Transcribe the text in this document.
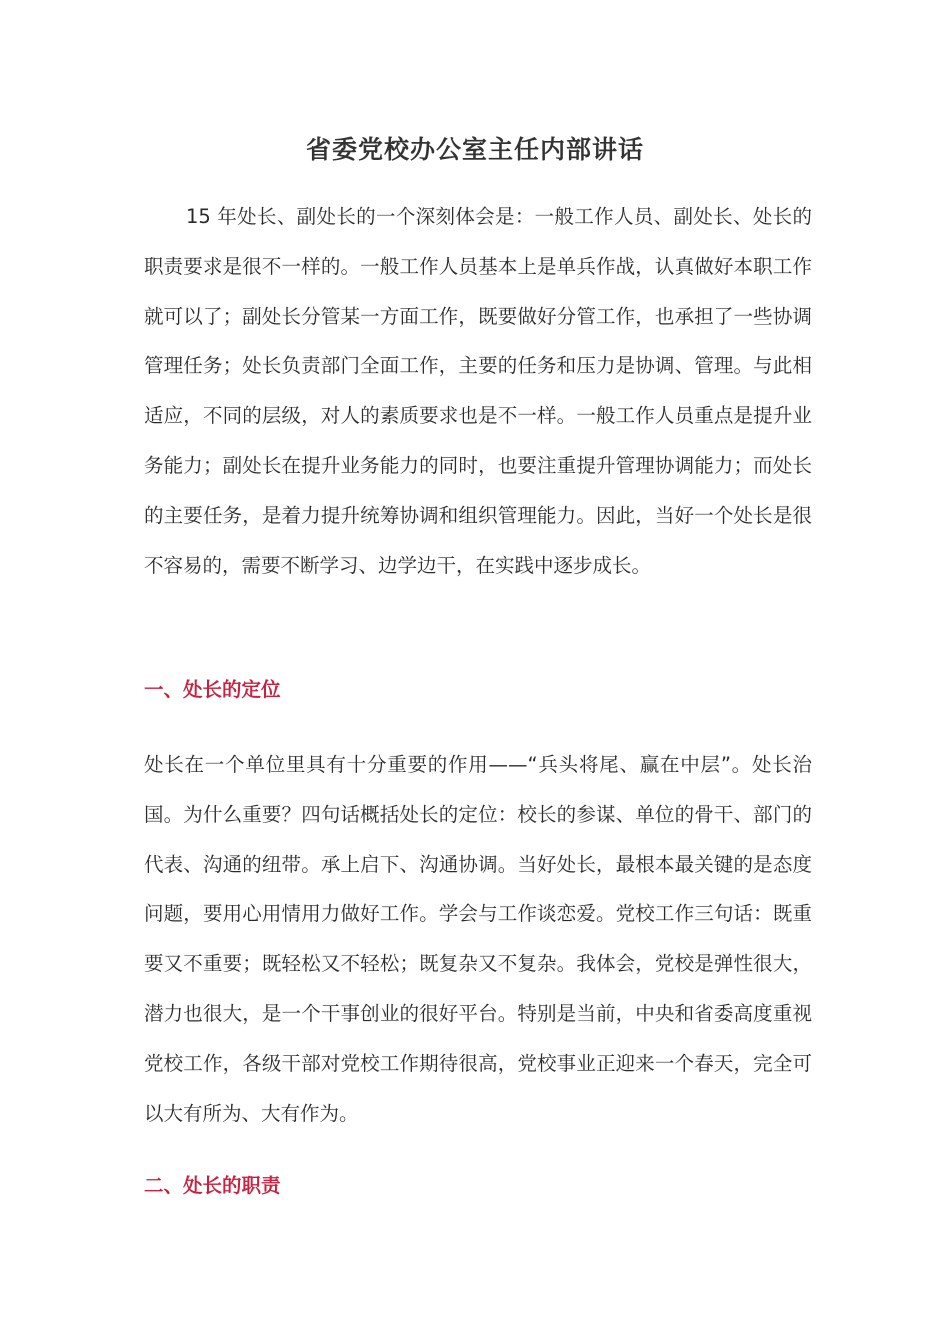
省委党校办公室主任内部讲话

15 年处长、副处长的一个深刻体会是：一般工作人员、副处长、处长的职责要求是很不一样的。一般工作人员基本上是单兵作战，认真做好本职工作就可以了；副处长分管某一方面工作，既要做好分管工作，也承担了一些协调管理任务；处长负责部门全面工作，主要的任务和压力是协调、管理。与此相适应，不同的层级，对人的素质要求也是不一样。一般工作人员重点是提升业务能力；副处长在提升业务能力的同时，也要注重提升管理协调能力；而处长的主要任务，是着力提升统筹协调和组织管理能力。因此，当好一个处长是很不容易的，需要不断学习、边学边干，在实践中逐步成长。

一、处长的定位

处长在一个单位里具有十分重要的作用——“兵头将尾、赢在中层”。处长治国。为什么重要？四句话概括处长的定位：校长的参谋、单位的骨干、部门的代表、沟通的纽带。承上启下、沟通协调。当好处长，最根本最关键的是态度问题，要用心用情用力做好工作。学会与工作谈恋爱。党校工作三句话：既重要又不重要；既轻松又不轻松；既复杂又不复杂。我体会，党校是弹性很大，潜力也很大，是一个干事创业的很好平台。特别是当前，中央和省委高度重视党校工作，各级干部对党校工作期待很高，党校事业正迎来一个春天，完全可以大有所为、大有作为。

二、处长的职责
